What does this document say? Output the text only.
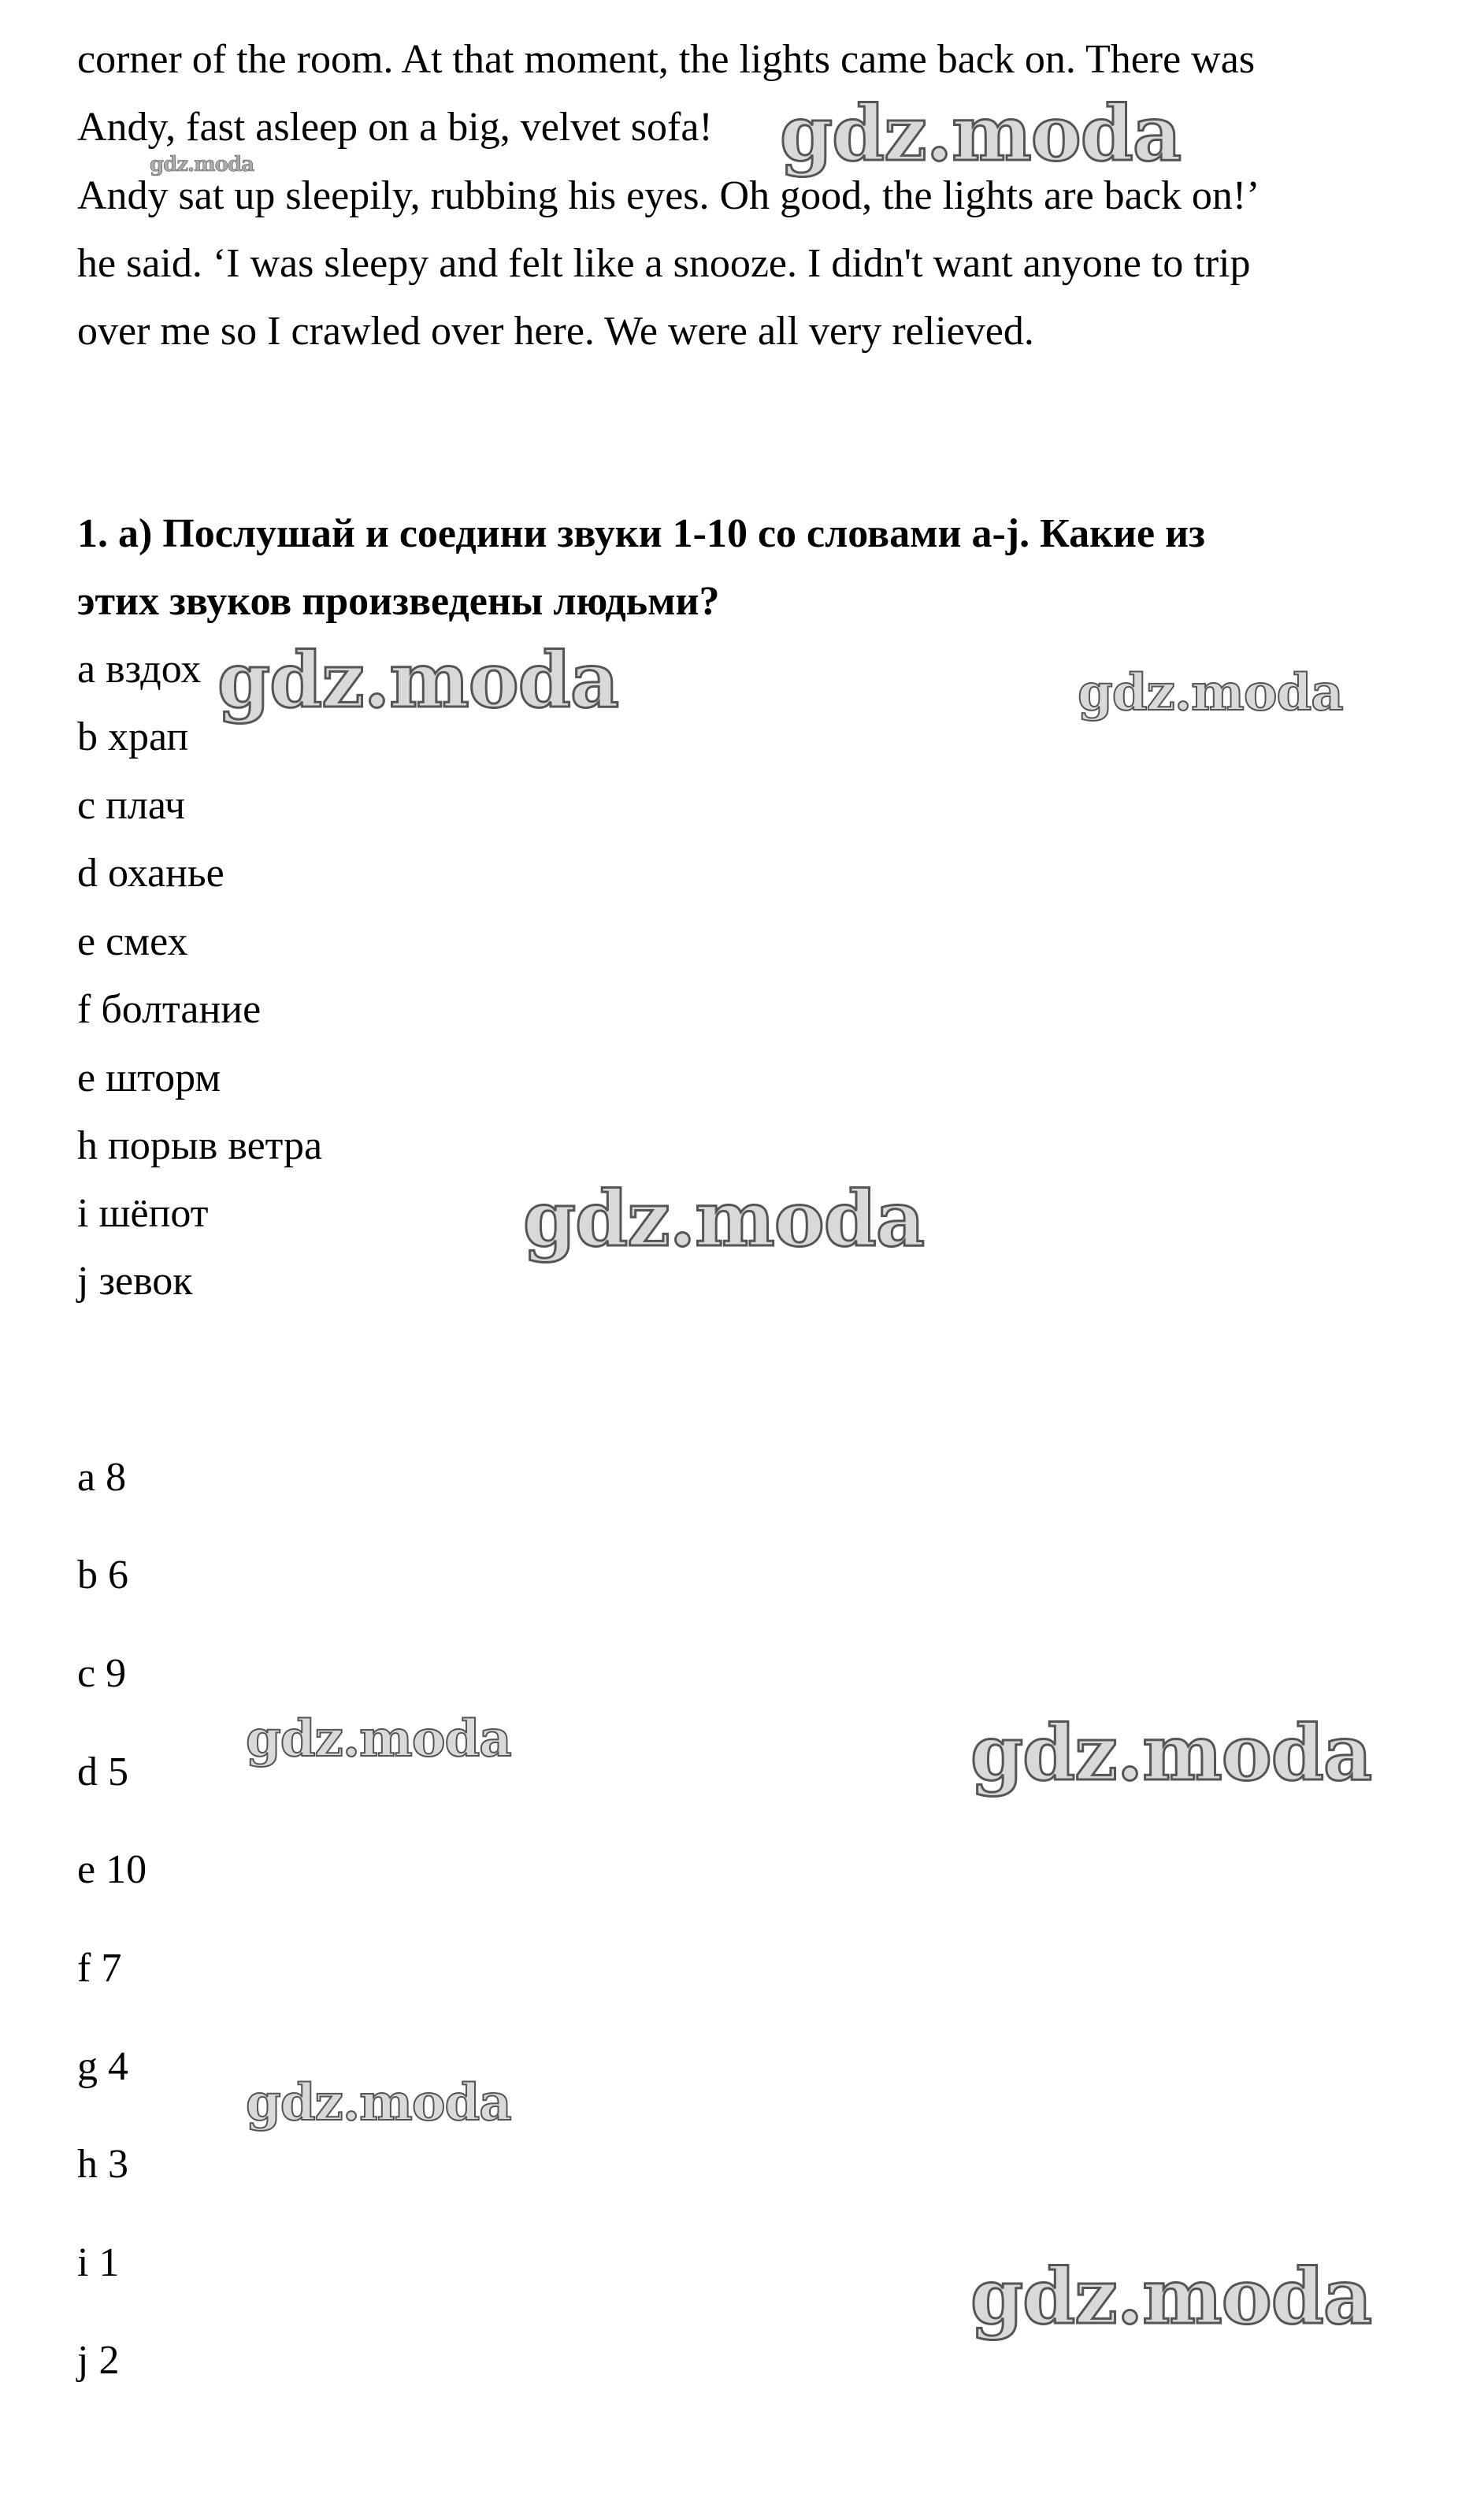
corner of the room. At that moment, the lights came back on. There was
Andy, fast asleep on a big, velvet sofa!
Andy sat up sleepily, rubbing his eyes. Oh good, the lights are back on!’
he said. ‘I was sleepy and felt like a snooze. I didn't want anyone to trip
over me so I crawled over here. We were all very relieved.
1. a) Послушай и соедини звуки 1-10 со словами a-j. Какие из
этих звуков произведены людьми?
a вздох
b храп
c плач
d оханье
e смех
f болтание
e шторм
h порыв ветра
i шёпот
j зевок
a 8
b 6
c 9
d 5
e 10
f 7
g 4
h 3
i 1
j 2
gdz.moda
gdz.moda
gdz.moda	gdz.moda
gdz.moda
gdz.moda	gdz.moda
gdz.moda
gdz.moda
